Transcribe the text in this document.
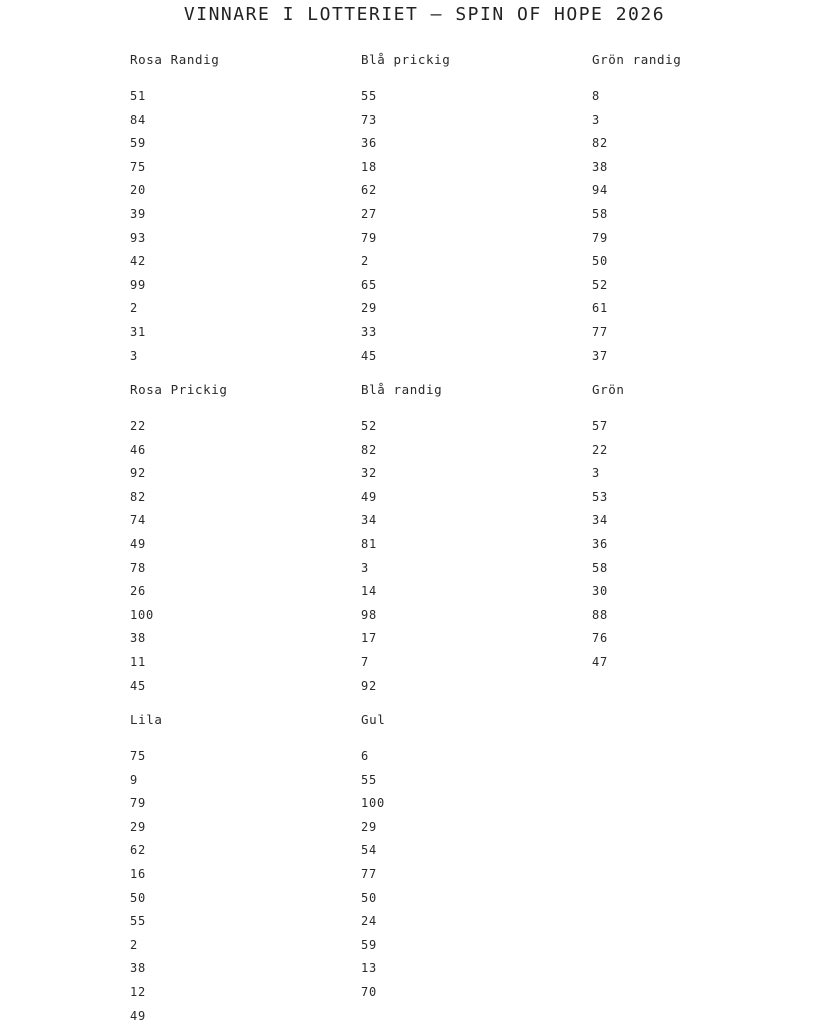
VINNARE I LOTTERIET – SPIN OF HOPE 2026
Rosa Randig
51
84
59
75
20
39
93
42
99
2
31
3
Blå prickig
55
73
36
18
62
27
79
2
65
29
33
45
Grön randig
8
3
82
38
94
58
79
50
52
61
77
37
Rosa Prickig
22
46
92
82
74
49
78
26
100
38
11
45
Blå randig
52
82
32
49
34
81
3
14
98
17
7
92
Grön
57
22
3
53
34
36
58
30
88
76
47
Lila
75
9
79
29
62
16
50
55
2
38
12
49
Gul
6
55
100
29
54
77
50
24
59
13
70
